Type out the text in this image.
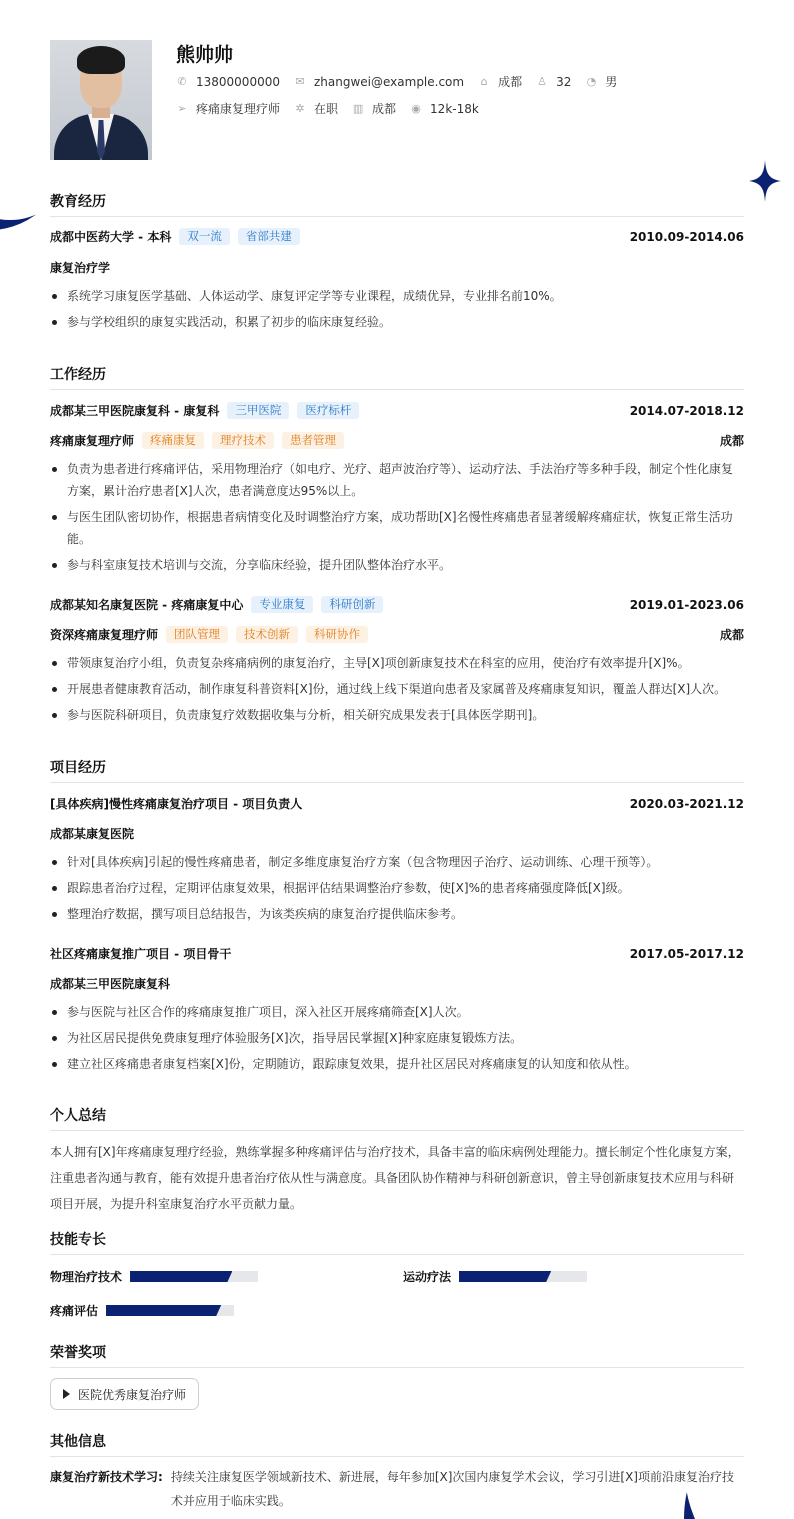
熊帅帅
✆ 13800000000 ✉ zhangwei@example.com ⌂ 成都 ♙ 32 ◔ 男
➢ 疼痛康复理疗师 ✲ 在职 ▥ 成都 ◉ 12k-18k
教育经历
成都中医药大学 - 本科	双一流	省部共建	2010.09-2014.06
康复治疗学
系统学习康复医学基础、人体运动学、康复评定学等专业课程，成绩优异，专业排名前10%。
参与学校组织的康复实践活动，积累了初步的临床康复经验。
工作经历
成都某三甲医院康复科 - 康复科	三甲医院	医疗标杆	2014.07-2018.12
疼痛康复理疗师	疼痛康复	理疗技术	患者管理	成都
负责为患者进行疼痛评估，采用物理治疗（如电疗、光疗、超声波治疗等）、运动疗法、手法治疗等多种手段，制定个性化康复方案，累计治疗患者[X]人次，患者满意度达95%以上。
与医生团队密切协作，根据患者病情变化及时调整治疗方案，成功帮助[X]名慢性疼痛患者显著缓解疼痛症状，恢复正常生活功能。
参与科室康复技术培训与交流，分享临床经验，提升团队整体治疗水平。
成都某知名康复医院 - 疼痛康复中心	专业康复	科研创新	2019.01-2023.06
资深疼痛康复理疗师	团队管理	技术创新	科研协作	成都
带领康复治疗小组，负责复杂疼痛病例的康复治疗，主导[X]项创新康复技术在科室的应用，使治疗有效率提升[X]%。
开展患者健康教育活动，制作康复科普资料[X]份，通过线上线下渠道向患者及家属普及疼痛康复知识，覆盖人群达[X]人次。
参与医院科研项目，负责康复疗效数据收集与分析，相关研究成果发表于[具体医学期刊]。
项目经历
[具体疾病]慢性疼痛康复治疗项目 - 项目负责人	2020.03-2021.12
成都某康复医院
针对[具体疾病]引起的慢性疼痛患者，制定多维度康复治疗方案（包含物理因子治疗、运动训练、心理干预等）。
跟踪患者治疗过程，定期评估康复效果，根据评估结果调整治疗参数，使[X]%的患者疼痛强度降低[X]级。
整理治疗数据，撰写项目总结报告，为该类疾病的康复治疗提供临床参考。
社区疼痛康复推广项目 - 项目骨干	2017.05-2017.12
成都某三甲医院康复科
参与医院与社区合作的疼痛康复推广项目，深入社区开展疼痛筛查[X]人次。
为社区居民提供免费康复理疗体验服务[X]次，指导居民掌握[X]种家庭康复锻炼方法。
建立社区疼痛患者康复档案[X]份，定期随访，跟踪康复效果，提升社区居民对疼痛康复的认知度和依从性。
个人总结
本人拥有[X]年疼痛康复理疗经验，熟练掌握多种疼痛评估与治疗技术，具备丰富的临床病例处理能力。擅长制定个性化康复方案，注重患者沟通与教育，能有效提升患者治疗依从性与满意度。具备团队协作精神与科研创新意识，曾主导创新康复技术应用与科研项目开展，为提升科室康复治疗水平贡献力量。
技能专长
物理治疗技术	运动疗法
疼痛评估
荣誉奖项
医院优秀康复治疗师
其他信息
康复治疗新技术学习: 持续关注康复医学领域新技术、新进展，每年参加[X]次国内康复学术会议，学习引进[X]项前沿康复治疗技术并应用于临床实践。
